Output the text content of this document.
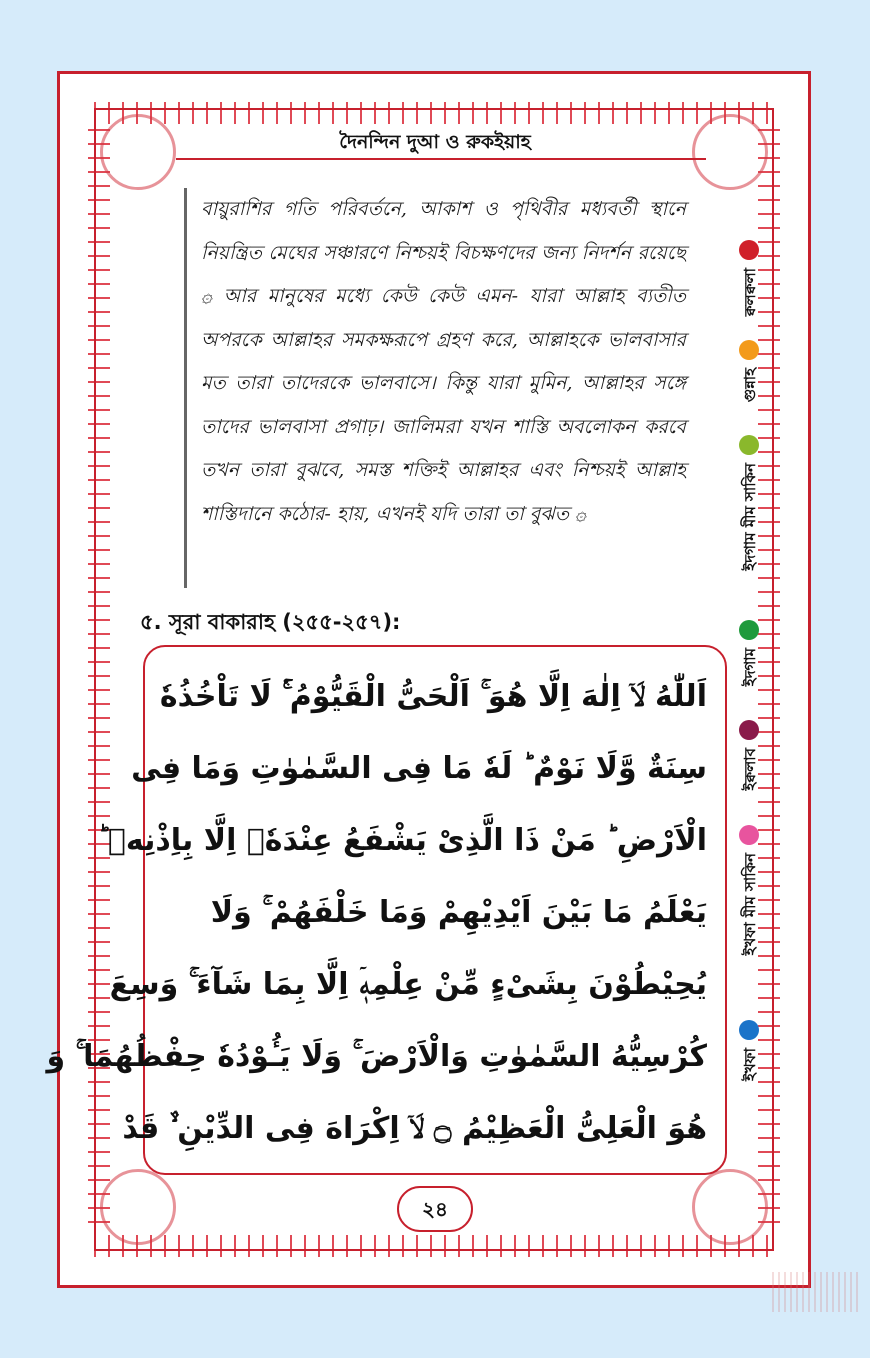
দৈনন্দিন দুআ ও রুকইয়াহ

বায়ুরাশির গতি পরিবর্তনে, আকাশ ও পৃথিবীর মধ্যবর্তী স্থানে নিয়ন্ত্রিত মেঘের সঞ্চারণে নিশ্চয়ই বিচক্ষণদের জন্য নিদর্শন রয়েছে ۞ আর মানুষের মধ্যে কেউ কেউ এমন- যারা আল্লাহ ব্যতীত অপরকে আল্লাহর সমকক্ষরূপে গ্রহণ করে, আল্লাহকে ভালবাসার মত তারা তাদেরকে ভালবাসে। কিন্তু যারা মুমিন, আল্লাহর সঙ্গে তাদের ভালবাসা প্রগাঢ়। জালিমরা যখন শাস্তি অবলোকন করবে তখন তারা বুঝবে, সমস্ত শক্তিই আল্লাহর এবং নিশ্চয়ই আল্লাহ শাস্তিদানে কঠোর- হায়, এখনই যদি তারা তা বুঝত ۞

৫. সূরা বাকারাহ (২৫৫-২৫৭):
اَللّٰهُ لَاۤ اِلٰهَ اِلَّا هُوَ ۚ اَلْحَیُّ الْقَیُّوْمُ ۚ۬ لَا تَاْخُذُهٗ
سِنَةٌ وَّلَا نَوْمٌ ؕ لَهٗ مَا فِی السَّمٰوٰتِ وَمَا فِی
الْاَرْضِ ؕ مَنْ ذَا الَّذِیْ یَشْفَعُ عِنْدَهٗۤ اِلَّا بِاِذْنِهٖ ؕ
یَعْلَمُ مَا بَیْنَ اَیْدِیْهِمْ وَمَا خَلْفَهُمْ ۚ وَلَا
یُحِیْطُوْنَ بِشَیْءٍ مِّنْ عِلْمِهٖۤ اِلَّا بِمَا شَآءَ ۚ وَسِعَ
كُرْسِیُّهُ السَّمٰوٰتِ وَالْاَرْضَ ۚ وَلَا یَـُٔوْدُهٗ حِفْظُهُمَا ۚ وَ
هُوَ الْعَلِیُّ الْعَظِیْمُ ۝ لَاۤ اِكْرَاهَ فِی الدِّیْنِ ۙ۫ قَدْ
২৪
ইখফা
ইখফা মীম সাকিন
ইক্বলাব
ইদগাম
ইদগাম মীম সাকিন
গুন্নাহ
ক্বলক্বলা
